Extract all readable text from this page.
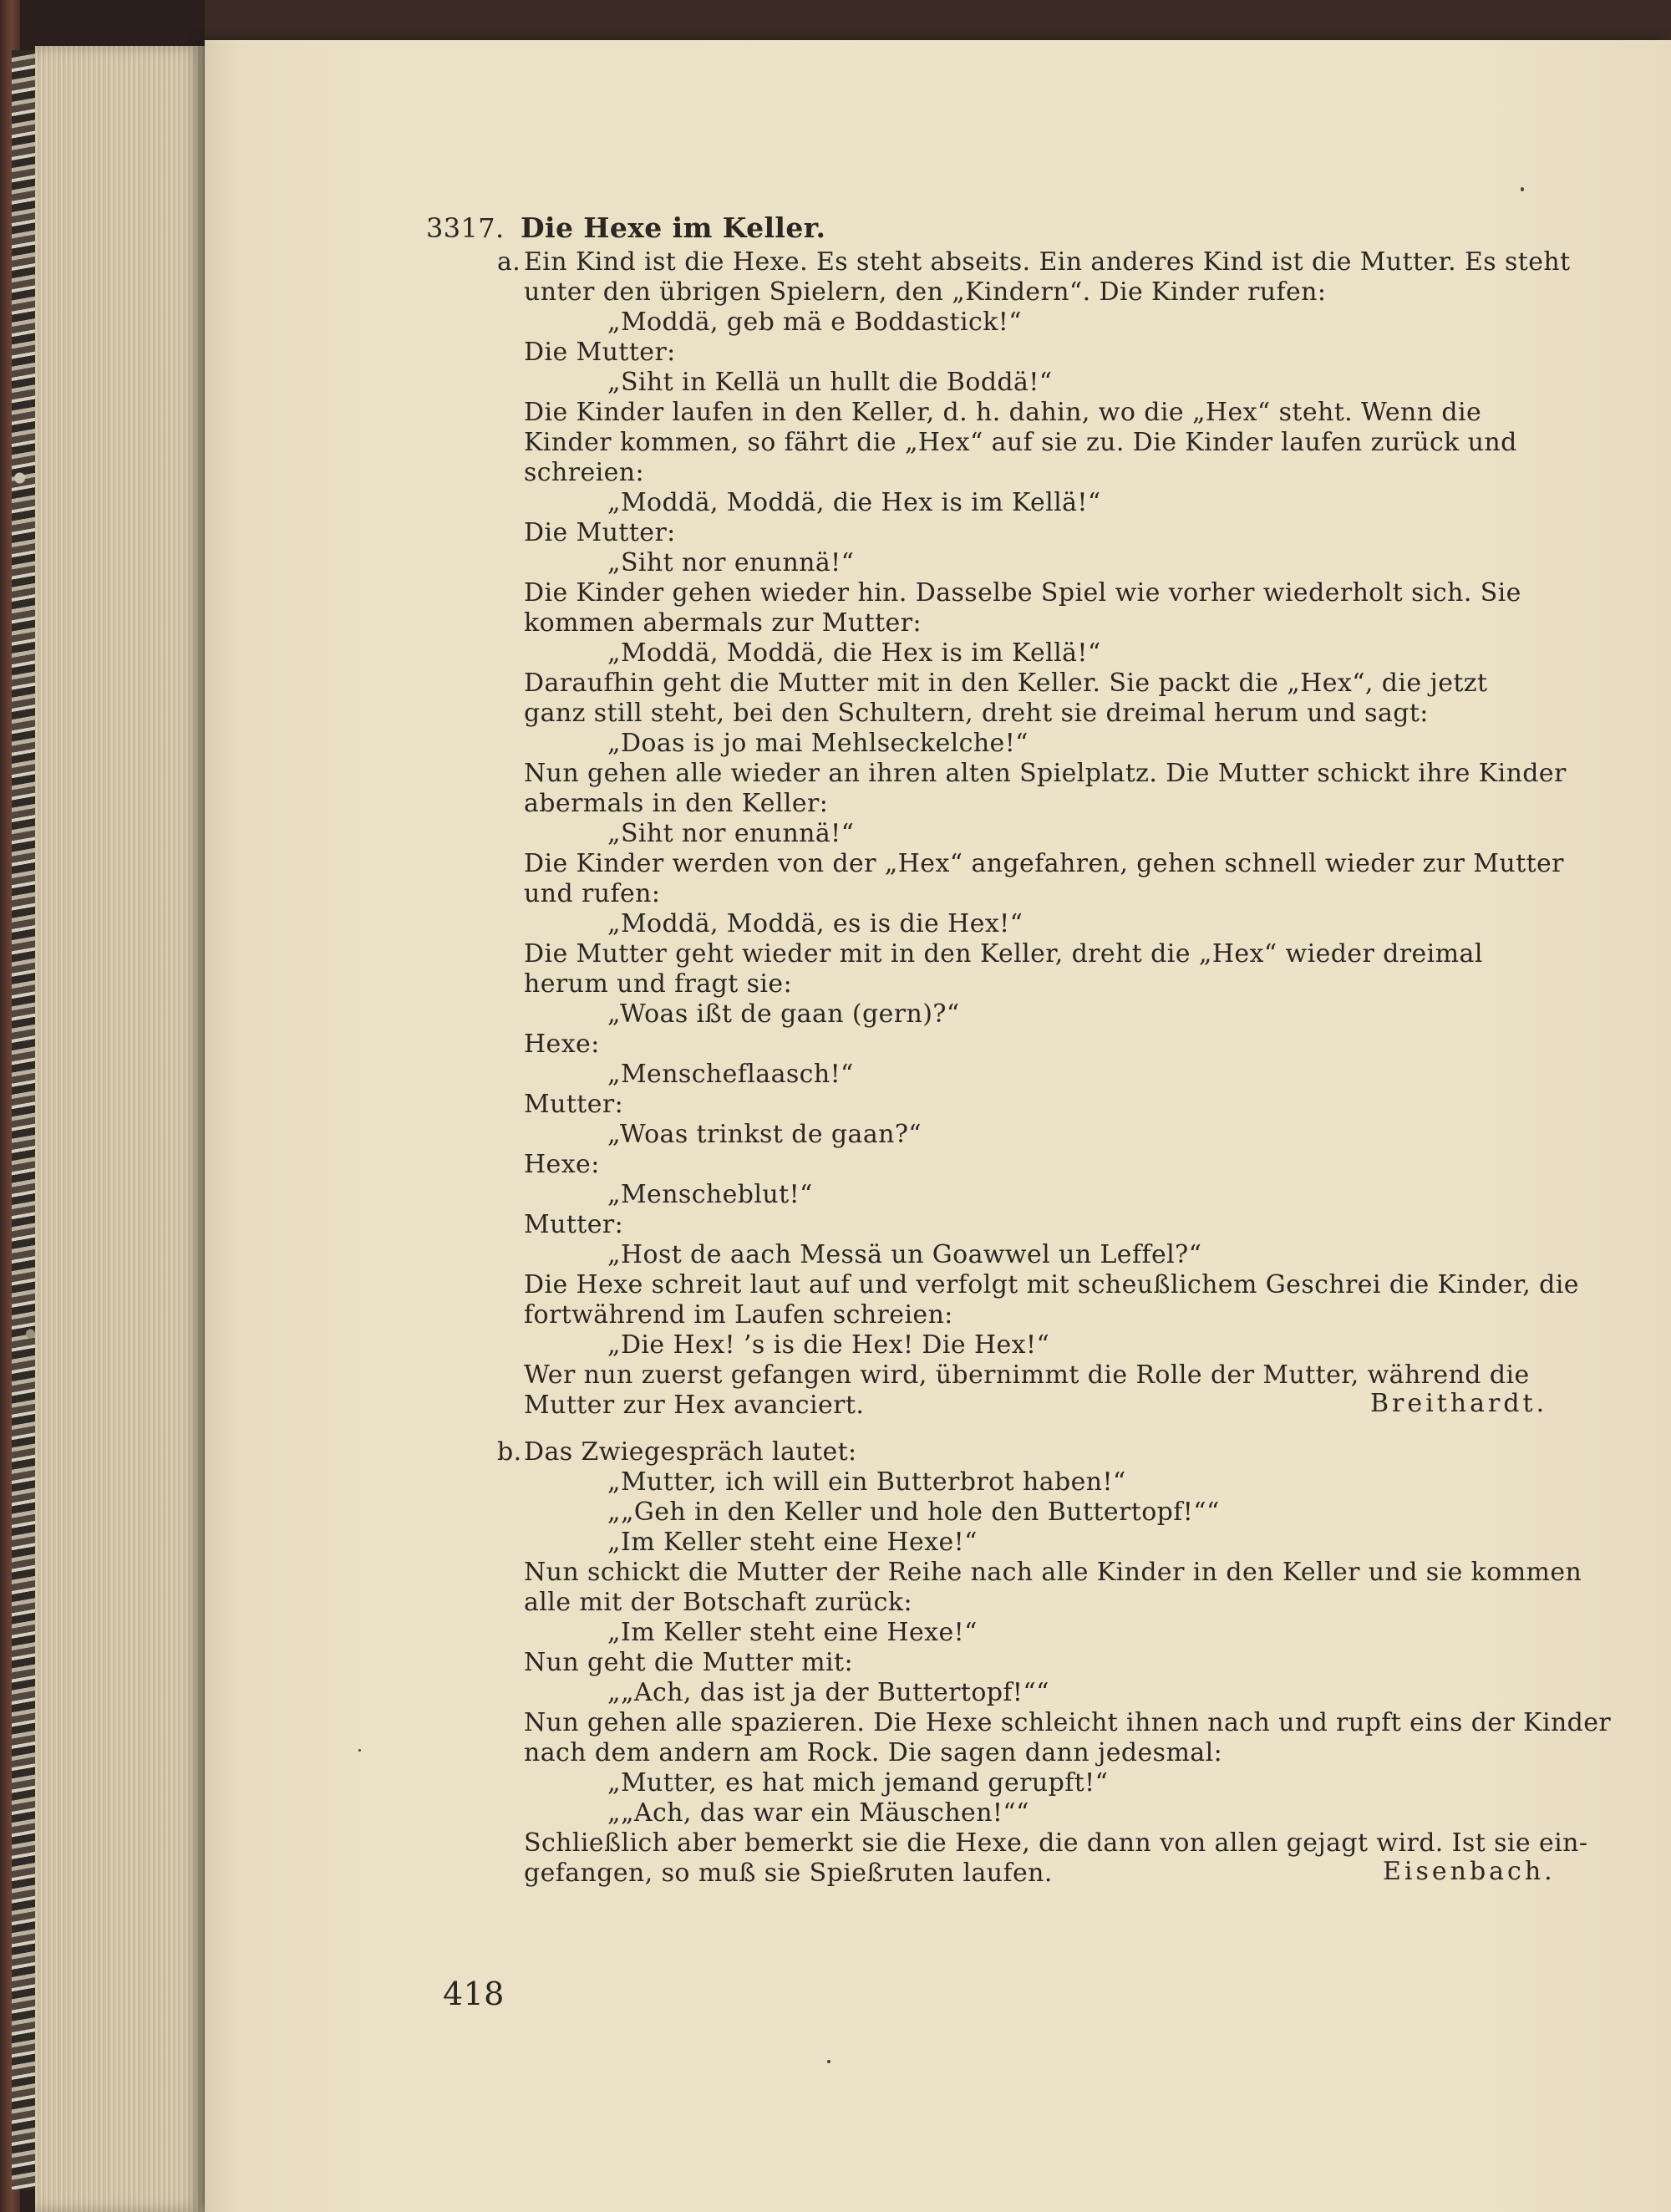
3317. Die Hexe im Keller.
a. Ein Kind ist die Hexe. Es steht abseits. Ein anderes Kind ist die Mutter. Es steht
unter den übrigen Spielern, den „Kindern“. Die Kinder rufen:
„Moddä, geb mä e Boddastick!“
Die Mutter:
„Siht in Kellä un hullt die Boddä!“
Die Kinder laufen in den Keller, d. h. dahin, wo die „Hex“ steht. Wenn die
Kinder kommen, so fährt die „Hex“ auf sie zu. Die Kinder laufen zurück und
schreien:
„Moddä, Moddä, die Hex is im Kellä!“
Die Mutter:
„Siht nor enunnä!“
Die Kinder gehen wieder hin. Dasselbe Spiel wie vorher wiederholt sich. Sie
kommen abermals zur Mutter:
„Moddä, Moddä, die Hex is im Kellä!“
Daraufhin geht die Mutter mit in den Keller. Sie packt die „Hex“, die jetzt
ganz still steht, bei den Schultern, dreht sie dreimal herum und sagt:
„Doas is jo mai Mehlseckelche!“
Nun gehen alle wieder an ihren alten Spielplatz. Die Mutter schickt ihre Kinder
abermals in den Keller:
„Siht nor enunnä!“
Die Kinder werden von der „Hex“ angefahren, gehen schnell wieder zur Mutter
und rufen:
„Moddä, Moddä, es is die Hex!“
Die Mutter geht wieder mit in den Keller, dreht die „Hex“ wieder dreimal
herum und fragt sie:
„Woas ißt de gaan (gern)?“
Hexe:
„Menscheflaasch!“
Mutter:
„Woas trinkst de gaan?“
Hexe:
„Menscheblut!“
Mutter:
„Host de aach Messä un Goawwel un Leffel?“
Die Hexe schreit laut auf und verfolgt mit scheußlichem Geschrei die Kinder, die
fortwährend im Laufen schreien:
„Die Hex! ’s is die Hex! Die Hex!“
Wer nun zuerst gefangen wird, übernimmt die Rolle der Mutter, während die
Mutter zur Hex avanciert.	Breithardt.
b. Das Zwiegespräch lautet:
„Mutter, ich will ein Butterbrot haben!“
„„Geh in den Keller und hole den Buttertopf!““
„Im Keller steht eine Hexe!“
Nun schickt die Mutter der Reihe nach alle Kinder in den Keller und sie kommen
alle mit der Botschaft zurück:
„Im Keller steht eine Hexe!“
Nun geht die Mutter mit:
„„Ach, das ist ja der Buttertopf!““
Nun gehen alle spazieren. Die Hexe schleicht ihnen nach und rupft eins der Kinder
nach dem andern am Rock. Die sagen dann jedesmal:
„Mutter, es hat mich jemand gerupft!“
„„Ach, das war ein Mäuschen!““
Schließlich aber bemerkt sie die Hexe, die dann von allen gejagt wird. Ist sie ein-
gefangen, so muß sie Spießruten laufen.	Eisenbach.
418
